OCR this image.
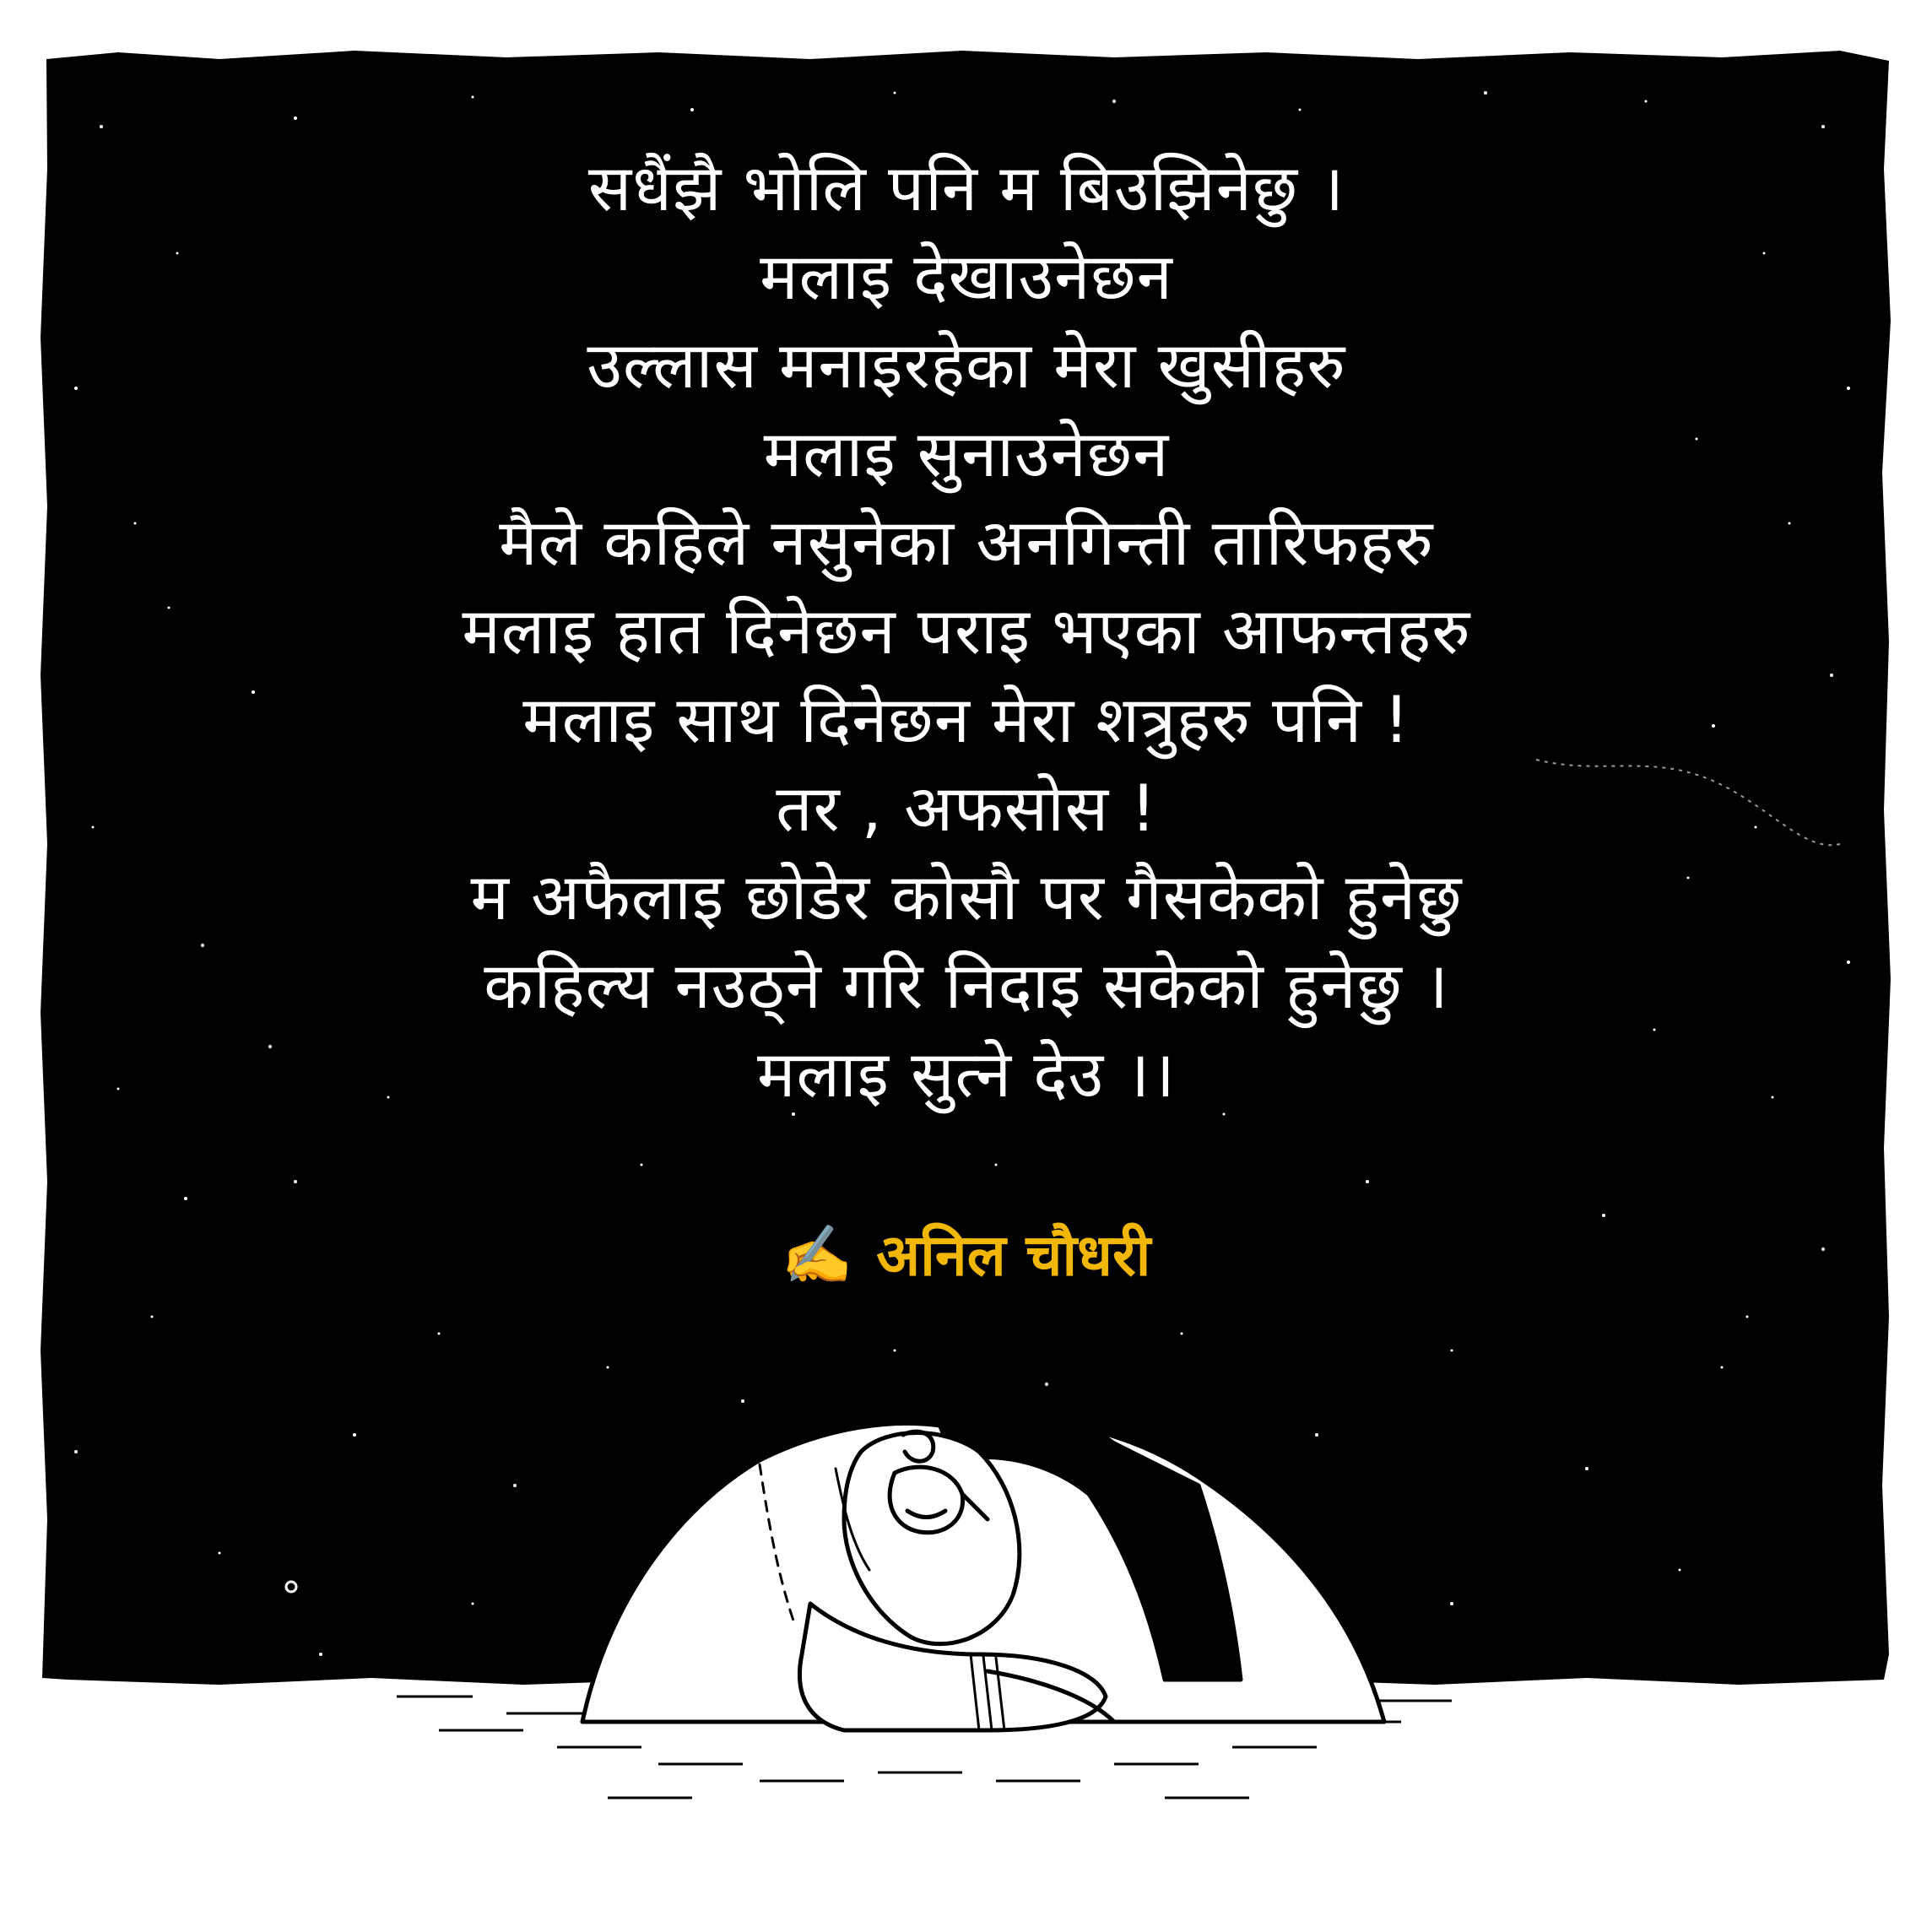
सधैंझै भोलि पनि म बिउझिनेछु ।
मलाइ देखाउनेछन
उल्लास मनाइरहेका मेरा खुसीहरु
मलाइ सुनाउनेछन
मैले कहिले नसुनेका अनगिन्ती तारिफहरु
मलाइ हात दिनेछन पराइ भएका आफन्तहरु
मलाइ साथ दिनेछन मेरा शत्रुहरु पनि !
तर , अफसोस !
म अफैलाइ छोडेर कोसौ पर गैसकेको हुनेछु
कहिल्य नउठ्ने गरि निदाइ सकेको हुनेछु ।
मलाइ सुत्ने देउ ।।
✍️ अनिल चौधरी
